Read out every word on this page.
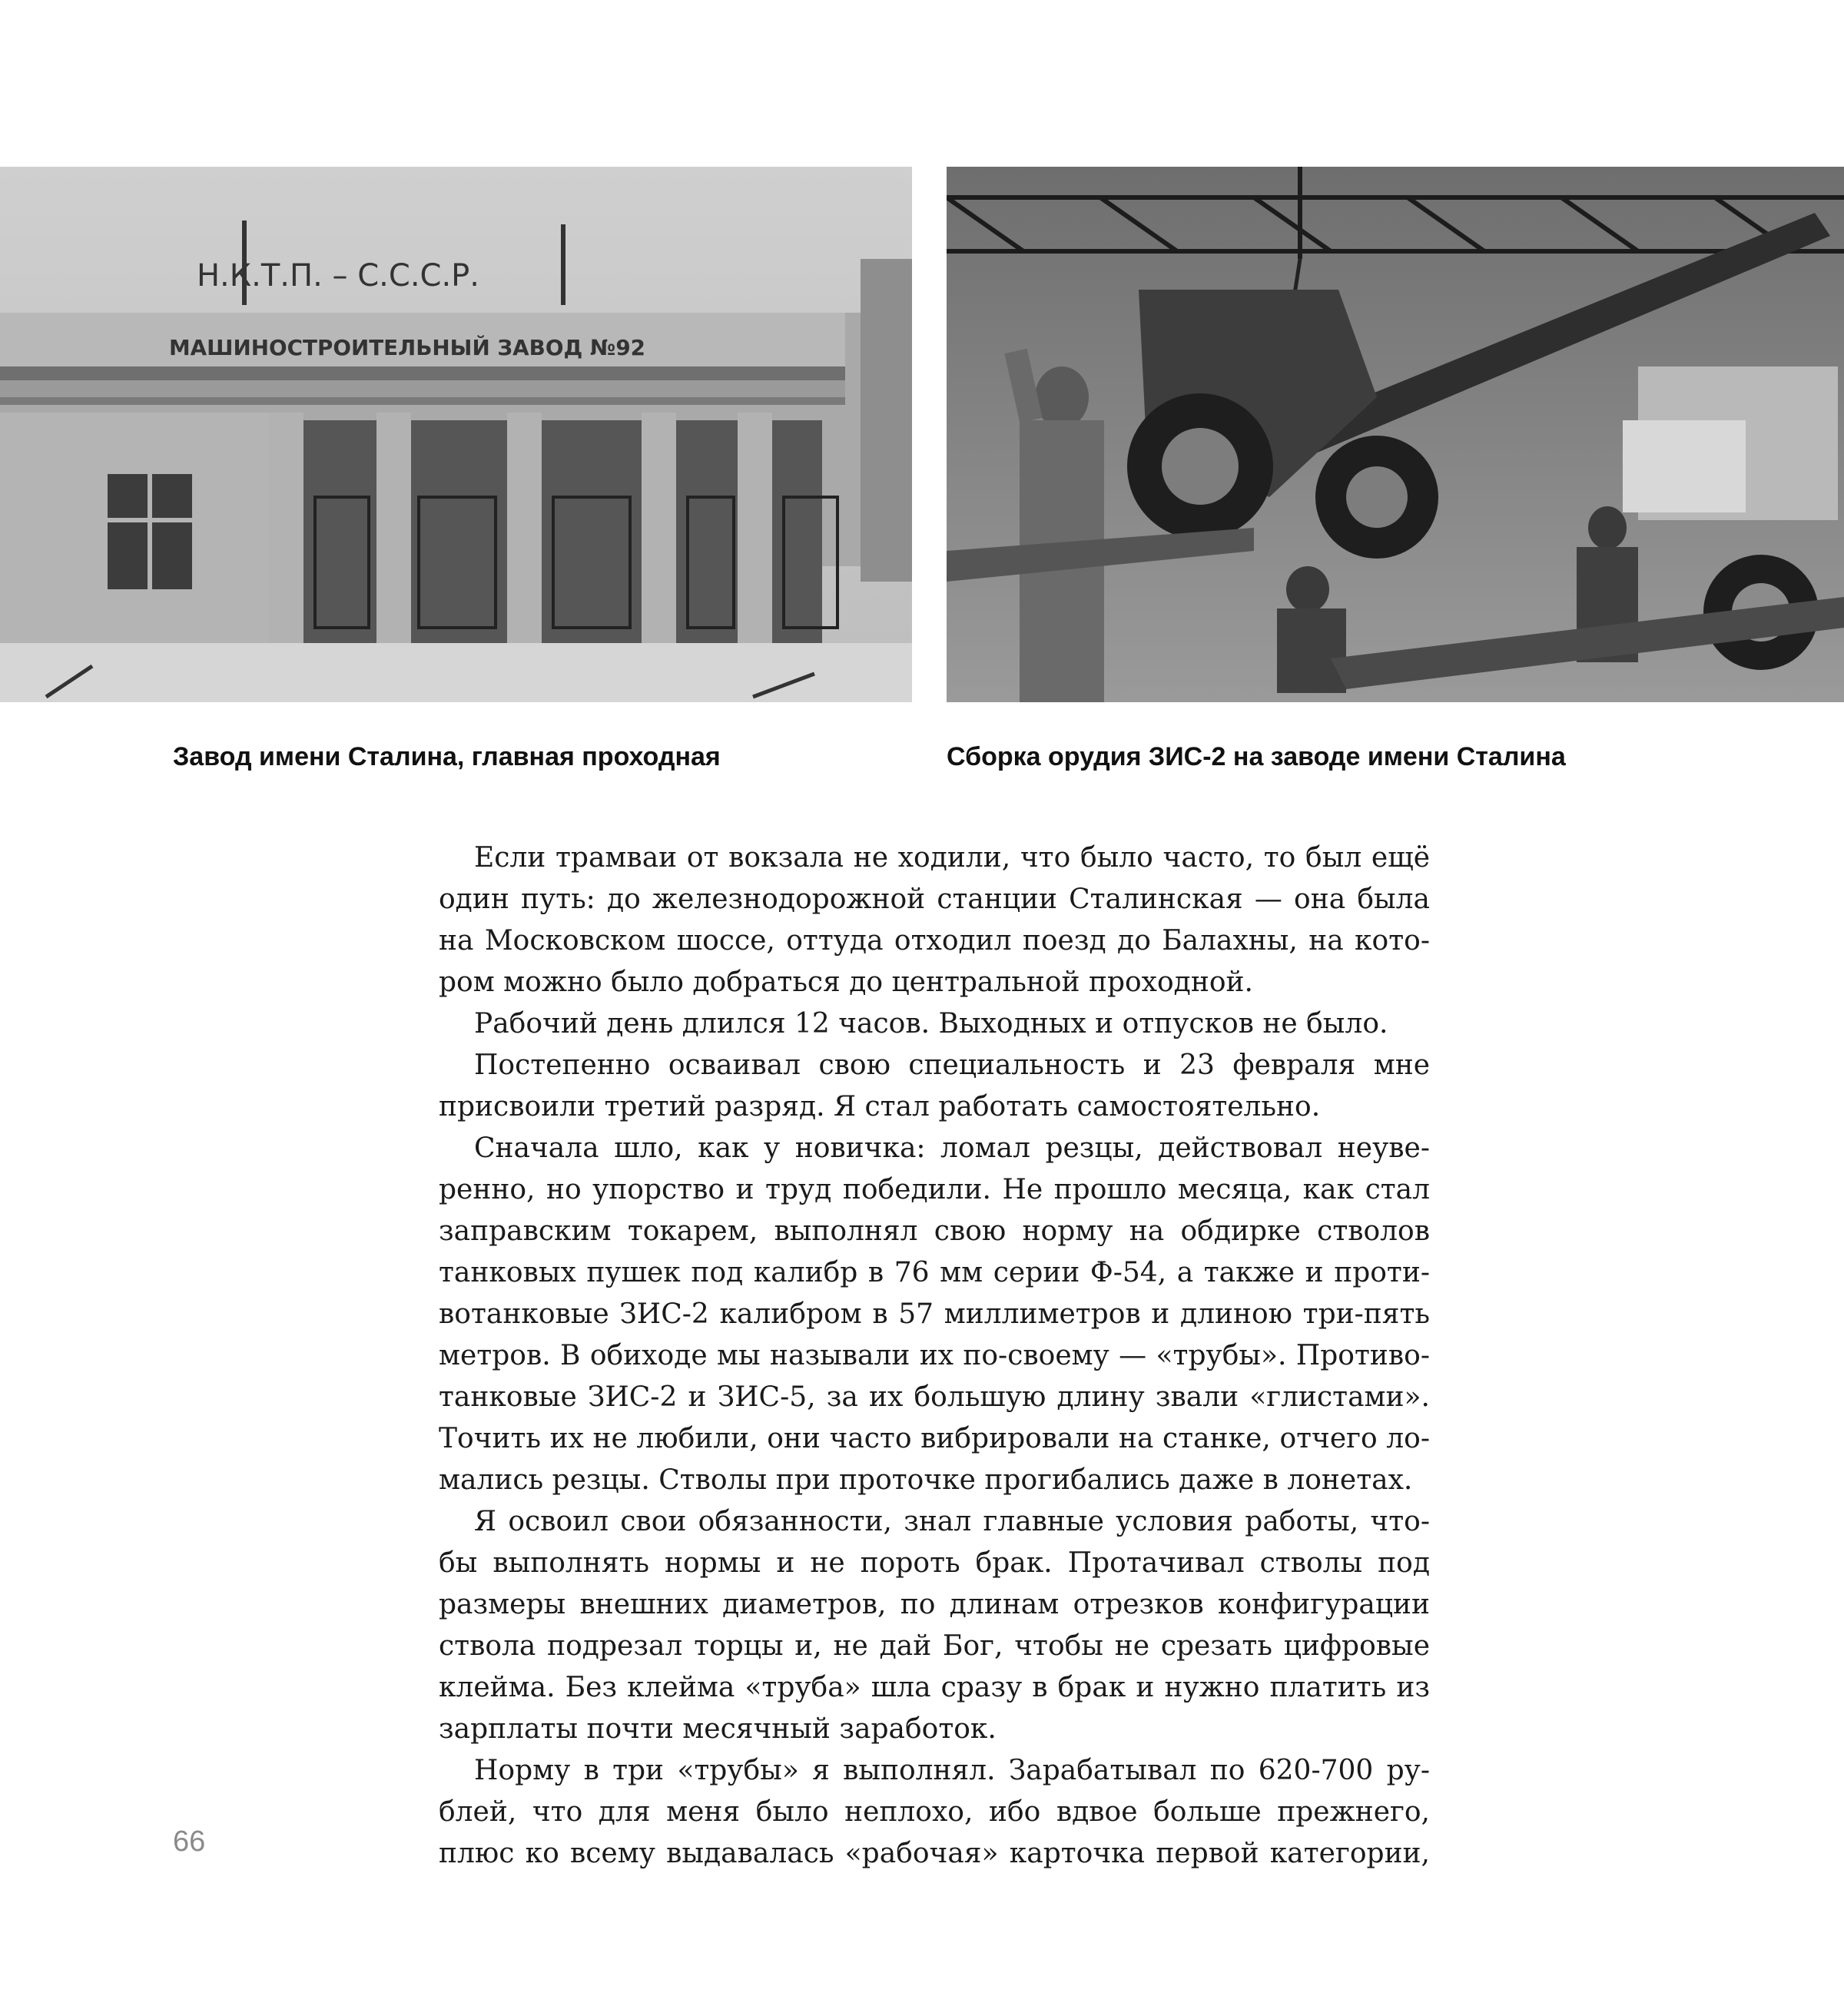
Н.К.Т.П. – С.С.С.Р.
МАШИНОСТРОИТЕЛЬНЫЙ ЗАВОД №92
Завод имени Сталина, главная проходная	Сборка орудия ЗИС-2 на заводе имени Сталина

Если трамваи от вокзала не ходили, что было часто, то был ещё
один путь: до железнодорожной станции Сталинская — она была
на Московском шоссе, оттуда отходил поезд до Балахны, на кото-
ром можно было добраться до центральной проходной.

Рабочий день длился 12 часов. Выходных и отпусков не было.

Постепенно осваивал свою специальность и 23 февраля мне
присвоили третий разряд. Я стал работать самостоятельно.

Сначала шло, как у новичка: ломал резцы, действовал неуве-
ренно, но упорство и труд победили. Не прошло месяца, как стал
заправским токарем, выполнял свою норму на обдирке стволов
танковых пушек под калибр в 76 мм серии Ф-54, а также и проти-
вотанковые ЗИС-2 калибром в 57 миллиметров и длиною три-пять
метров. В обиходе мы называли их по-своему — «трубы». Противо-
танковые ЗИС-2 и ЗИС-5, за их большую длину звали «глистами».
Точить их не любили, они часто вибрировали на станке, отчего ло-
мались резцы. Стволы при проточке прогибались даже в лонетах.

Я освоил свои обязанности, знал главные условия работы, что-
бы выполнять нормы и не пороть брак. Протачивал стволы под
размеры внешних диаметров, по длинам отрезков конфигурации
ствола подрезал торцы и, не дай Бог, чтобы не срезать цифровые
клейма. Без клейма «труба» шла сразу в брак и нужно платить из
зарплаты почти месячный заработок.

Норму в три «трубы» я выполнял. Зарабатывал по 620-700 ру-
блей, что для меня было неплохо, ибо вдвое больше прежнего,
плюс ко всему выдавалась «рабочая» карточка первой категории,

66
